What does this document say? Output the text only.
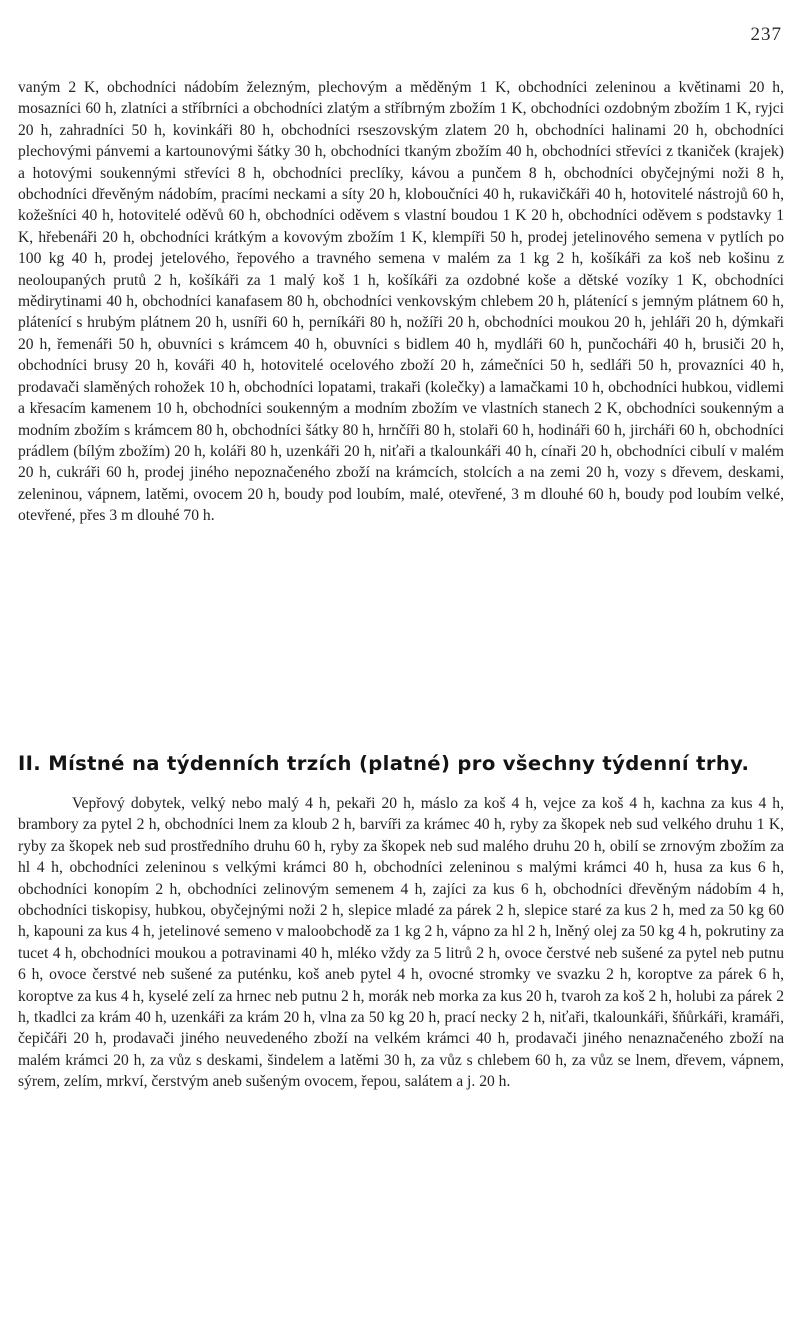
237

vaným 2 K, obchodníci nádobím železným, plechovým a měděným 1 K, obchodníci zeleninou a květinami 20 h, mosazníci 60 h, zlatníci a stříbrníci a obchodníci zlatým a stříbrným zbožím 1 K, obchodníci ozdobným zbožím 1 K, ryjci 20 h, zahradníci 50 h, kovinkáři 80 h, obchodníci rseszovským zlatem 20 h, obchodníci halinami 20 h, obchodníci plechovými pánvemi a kartounovými šátky 30 h, obchodníci tkaným zbožím 40 h, obchodníci střevíci z tkaniček (krajek) a hotovými soukennými střevíci 8 h, obchodníci preclíky, kávou a punčem 8 h, obchodníci obyčejnými noži 8 h, obchodníci dřevěným nádobím, pracími neckami a síty 20 h, kloboučníci 40 h, rukavičkáři 40 h, hotovitelé nástrojů 60 h, kožešníci 40 h, hotovitelé oděvů 60 h, obchodníci oděvem s vlastní boudou 1 K 20 h, obchodníci oděvem s podstavky 1 K, hřebenáři 20 h, obchodníci krátkým a kovovým zbožím 1 K, klempíři 50 h, prodej jetelinového semena v pytlích po 100 kg 40 h, prodej jetelového, řepového a travného semena v malém za 1 kg 2 h, košíkáři za koš neb košinu z neoloupaných prutů 2 h, košíkáři za 1 malý koš 1 h, košíkáři za ozdobné koše a dětské vozíky 1 K, obchodníci mědirytinami 40 h, obchodníci kanafasem 80 h, obchodníci venkovským chlebem 20 h, plátenící s jemným plátnem 60 h, plátenící s hrubým plátnem 20 h, usníři 60 h, perníkáři 80 h, nožíři 20 h, obchodníci moukou 20 h, jehláři 20 h, dýmkaři 20 h, řemenáři 50 h, obuvníci s krámcem 40 h, obuvníci s bidlem 40 h, mydláři 60 h, punčocháři 40 h, brusiči 20 h, obchodníci brusy 20 h, kováři 40 h, hotovitelé ocelového zboží 20 h, zámečníci 50 h, sedláři 50 h, provazníci 40 h, prodavači slaměných rohožek 10 h, obchodníci lopatami, trakaři (kolečky) a lamačkami 10 h, obchodníci hubkou, vidlemi a křesacím kamenem 10 h, obchodníci soukenným a modním zbožím ve vlastních stanech 2 K, obchodníci soukenným a modním zbožím s krámcem 80 h, obchodníci šátky 80 h, hrnčíři 80 h, stolaři 60 h, hodináři 60 h, jircháři 60 h, obchodníci prádlem (bílým zbožím) 20 h, koláři 80 h, uzenkáři 20 h, niťaři a tkalounkáři 40 h, cínaři 20 h, obchodníci cibulí v malém 20 h, cukráři 60 h, prodej jiného nepoznačeného zboží na krámcích, stolcích a na zemi 20 h, vozy s dřevem, deskami, zeleninou, vápnem, latěmi, ovocem 20 h, boudy pod loubím, malé, otevřené, 3 m dlouhé 60 h, boudy pod loubím velké, otevřené, přes 3 m dlouhé 70 h.

II. Místné na týdenních trzích (platné) pro všechny týdenní trhy.

Vepřový dobytek, velký nebo malý 4 h, pekaři 20 h, máslo za koš 4 h, vejce za koš 4 h, kachna za kus 4 h, brambory za pytel 2 h, obchodníci lnem za kloub 2 h, barvíři za krámec 40 h, ryby za škopek neb sud velkého druhu 1 K, ryby za škopek neb sud prostředního druhu 60 h, ryby za škopek neb sud malého druhu 20 h, obilí se zrnovým zbožím za hl 4 h, obchodníci zeleninou s velkými krámci 80 h, obchodníci zeleninou s malými krámci 40 h, husa za kus 6 h, obchodníci konopím 2 h, obchodníci zelinovým semenem 4 h, zajíci za kus 6 h, obchodníci dřevěným nádobím 4 h, obchodníci tiskopisy, hubkou, obyčejnými noži 2 h, slepice mladé za párek 2 h, slepice staré za kus 2 h, med za 50 kg 60 h, kapouni za kus 4 h, jetelinové semeno v maloobchodě za 1 kg 2 h, vápno za hl 2 h, lněný olej za 50 kg 4 h, pokrutiny za tucet 4 h, obchodníci moukou a potravinami 40 h, mléko vždy za 5 litrů 2 h, ovoce čerstvé neb sušené za pytel neb putnu 6 h, ovoce čerstvé neb sušené za puténku, koš aneb pytel 4 h, ovocné stromky ve svazku 2 h, koroptve za párek 6 h, koroptve za kus 4 h, kyselé zelí za hrnec neb putnu 2 h, morák neb morka za kus 20 h, tvaroh za koš 2 h, holubi za párek 2 h, tkadlci za krám 40 h, uzenkáři za krám 20 h, vlna za 50 kg 20 h, prací necky 2 h, niťaři, tkalounkáři, šňůrkáři, kramáři, čepičáři 20 h, prodavači jiného neuvedeného zboží na velkém krámci 40 h, prodavači jiného nenaznačeného zboží na malém krámci 20 h, za vůz s deskami, šindelem a latěmi 30 h, za vůz s chlebem 60 h, za vůz se lnem, dřevem, vápnem, sýrem, zelím, mrkví, čerstvým aneb sušeným ovocem, řepou, salátem a j. 20 h.
